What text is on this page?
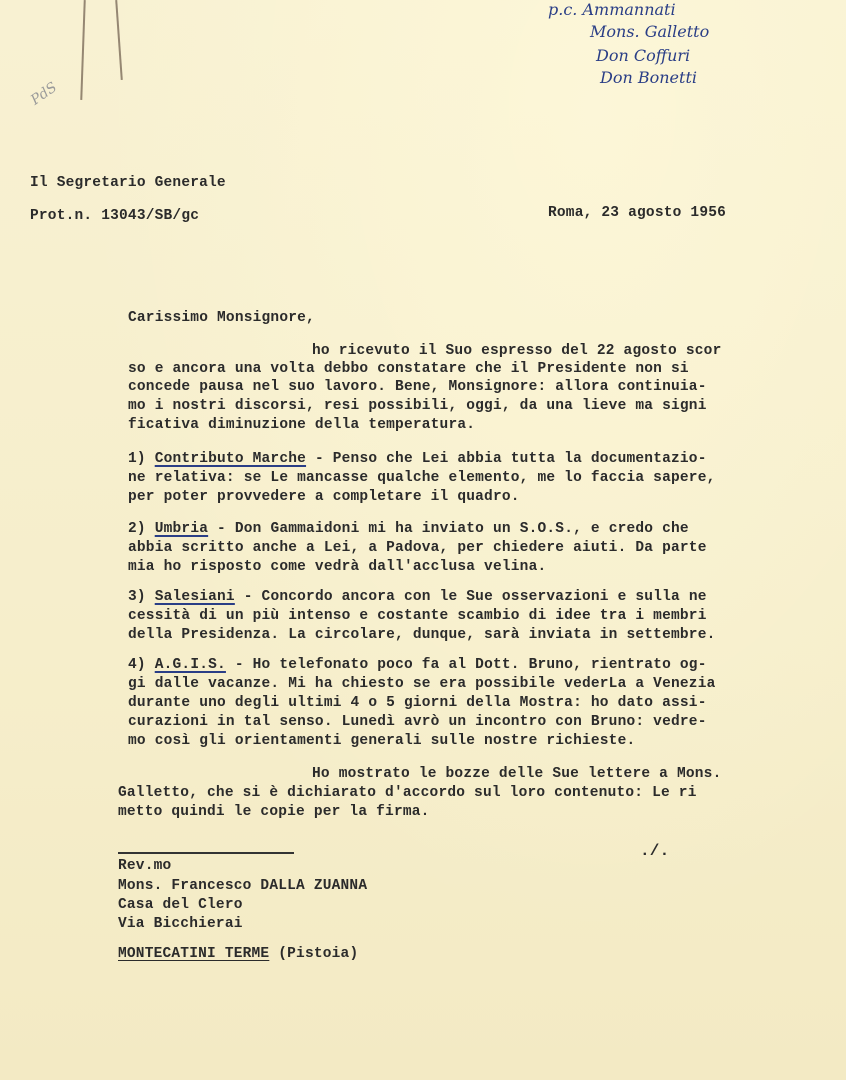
p.c. Ammannati
Mons. Galletto
Don Coffuri
Don Bonetti
PdS
Il Segretario Generale
Prot.n. 13043/SB/gc	Roma, 23 agosto 1956
Carissimo Monsignore,
ho ricevuto il Suo espresso del 22 agosto scor
so e ancora una volta debbo constatare che il Presidente non si
concede pausa nel suo lavoro. Bene, Monsignore: allora continuia-
mo i nostri discorsi, resi possibili, oggi, da una lieve ma signi
ficativa diminuzione della temperatura.
1) Contributo Marche - Penso che Lei abbia tutta la documentazio-
ne relativa: se Le mancasse qualche elemento, me lo faccia sapere,
per poter provvedere a completare il quadro.
2) Umbria - Don Gammaidoni mi ha inviato un S.O.S., e credo che
abbia scritto anche a Lei, a Padova, per chiedere aiuti. Da parte
mia ho risposto come vedrà dall'acclusa velina.
3) Salesiani - Concordo ancora con le Sue osservazioni e sulla ne
cessità di un più intenso e costante scambio di idee tra i membri
della Presidenza. La circolare, dunque, sarà inviata in settembre.
4) A.G.I.S. - Ho telefonato poco fa al Dott. Bruno, rientrato og-
gi dalle vacanze. Mi ha chiesto se era possibile vederLa a Venezia
durante uno degli ultimi 4 o 5 giorni della Mostra: ho dato assi-
curazioni in tal senso. Lunedì avrò un incontro con Bruno: vedre-
mo così gli orientamenti generali sulle nostre richieste.
Ho mostrato le bozze delle Sue lettere a Mons.
Galletto, che si è dichiarato d'accordo sul loro contenuto: Le ri
metto quindi le copie per la firma.
./.
Rev.mo
Mons. Francesco DALLA ZUANNA
Casa del Clero
Via Bicchierai
MONTECATINI TERME (Pistoia)
